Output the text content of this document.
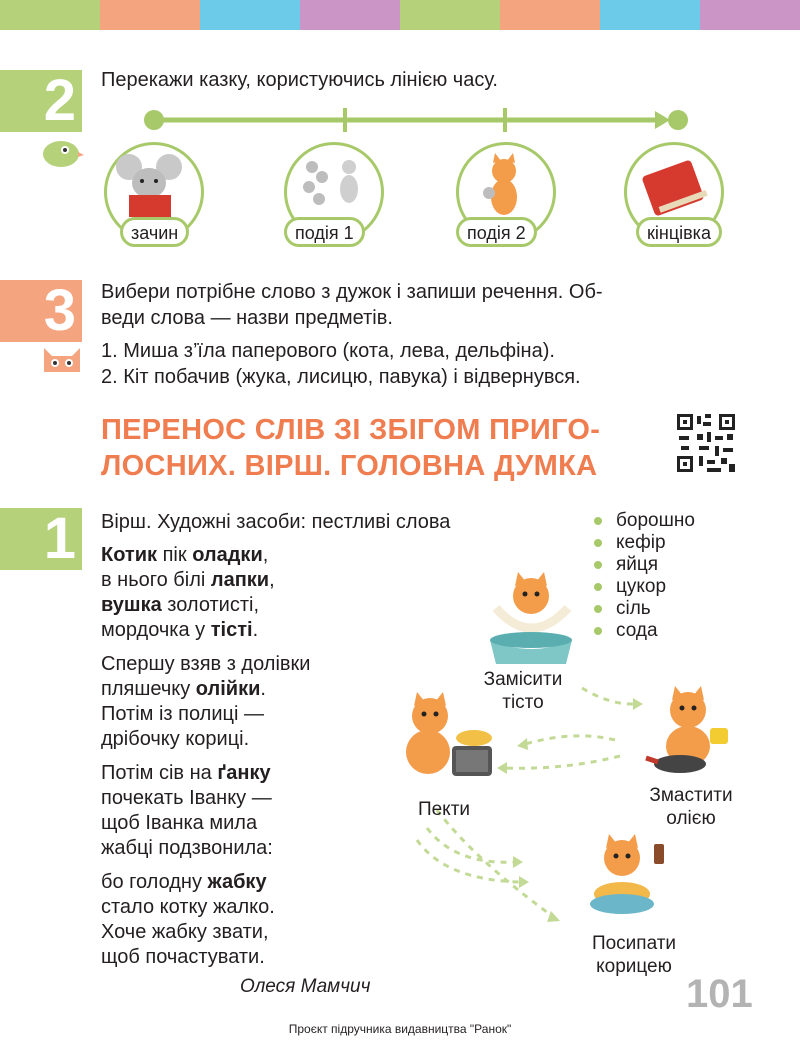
2	Перекажи казку, користуючись лінією часу.
зачин	подія 1	подія 2	кінцівка
3	Вибери потрібне слово з дужок і запиши речення. Об-
веди слова — назви предметів.
1. Миша з’їла паперового (кота, лева, дельфіна).
2. Кіт побачив (жука, лисицю, павука) і відвернувся.
ПЕРЕНОС СЛІВ ЗІ ЗБІГОМ ПРИГО-
ЛОСНИХ. ВІРШ. ГОЛОВНА ДУМКА
1	Вірш. Художні засоби: пестливі слова

Котик пік оладки,
в нього білі лапки,
вушка золотисті,
мордочка у тісті.

Спершу взяв з долівки
пляшечку олійки.
Потім із полиці —
дрібочку кориці.

Потім сів на ґанку
почекать Іванку —
щоб Іванка мила
жабці подзвонила:

бо голодну жабку
стало котку жалко.
Хоче жабку звати,
щоб почастувати.

Олеся Мамчич
борошно
кефір
яйця
цукор
сіль
сода
Замісити
тісто
Змастити
олією
Пекти
Посипати
корицею
101
Проєкт підручника видавництва "Ранок"
